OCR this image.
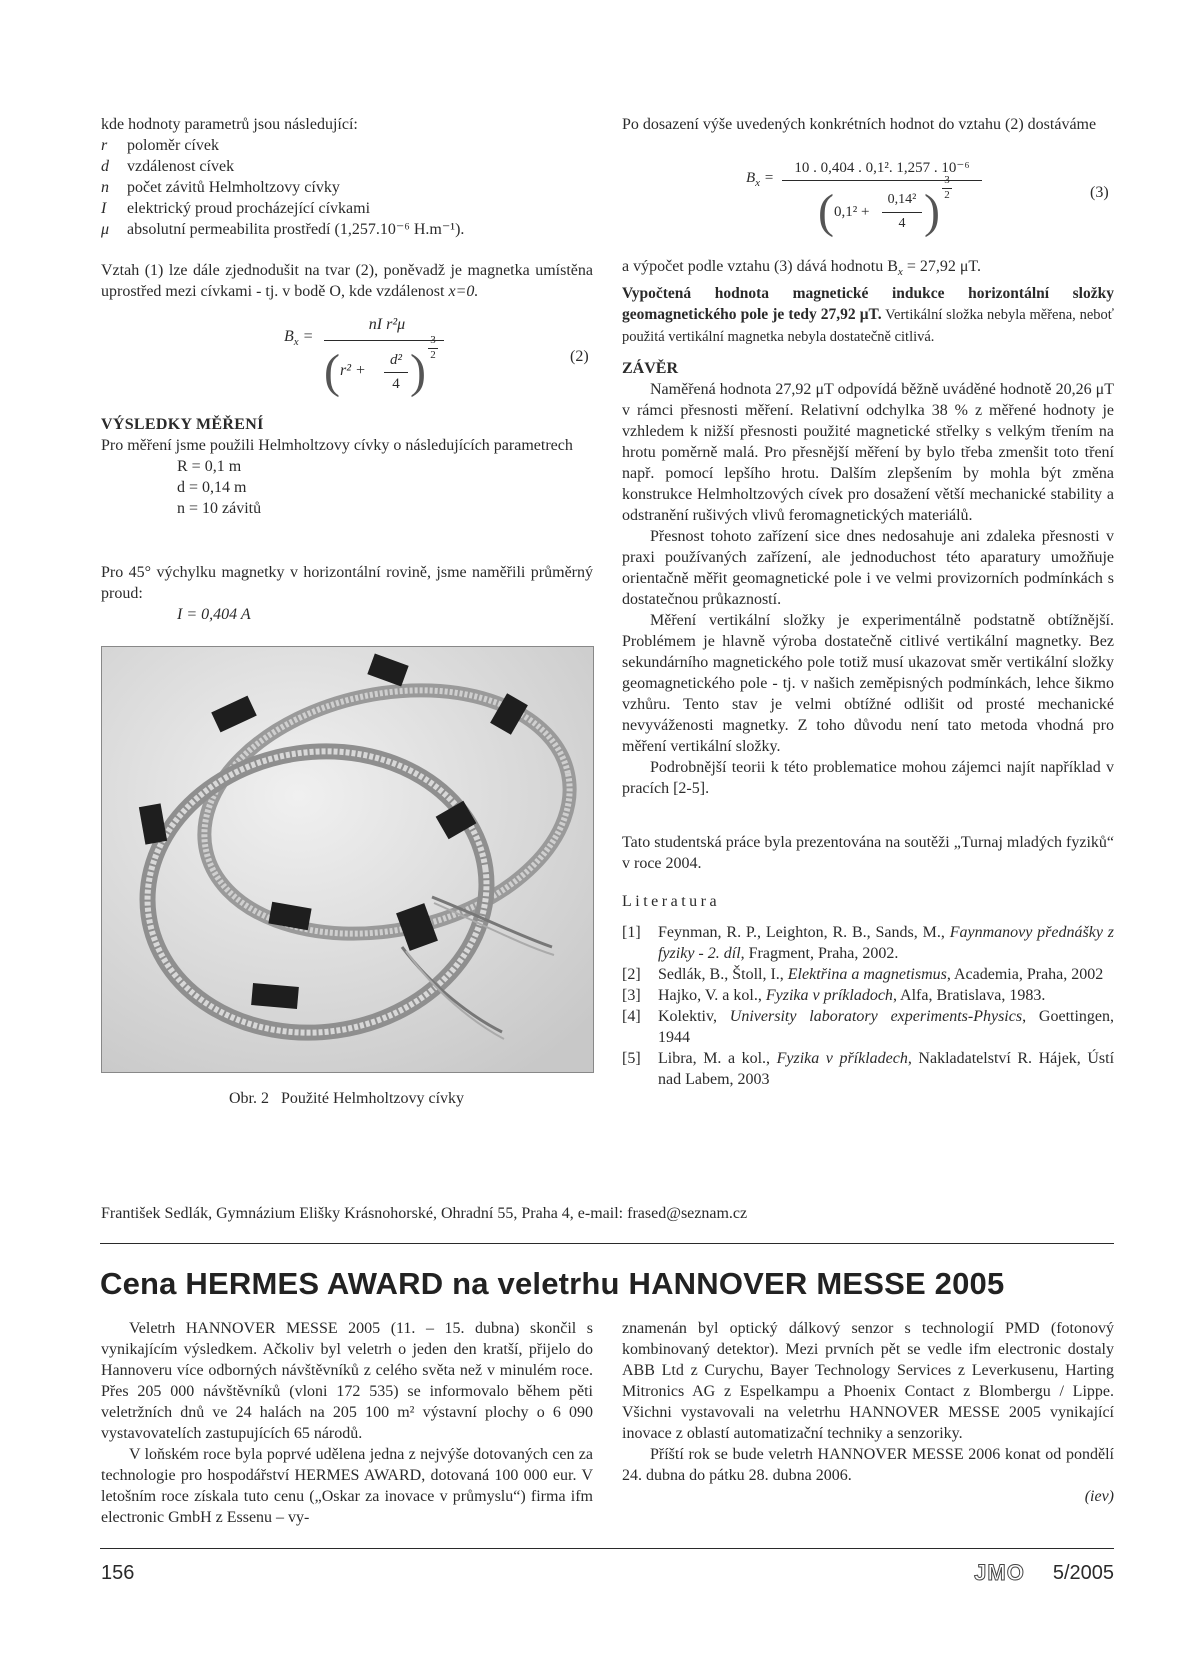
kde hodnoty parametrů jsou následující:

r poloměr cívek
d vzdálenost cívek
n počet závitů Helmholtzovy cívky
I elektrický proud procházející cívkami
μ absolutní permeabilita prostředí (1,257.10⁻⁶ H.m⁻¹).
Vztah (1) lze dále zjednodušit na tvar (2), poněvadž je magnetka umístěna uprostřed mezi cívkami - tj. v bodě O, kde vzdálenost x=0.
$B_x$ =
nI r²μ
( r² +
d²
4 )
3
2	(2)
VÝSLEDKY MĚŘENÍ
Pro měření jsme použili Helmholtzovy cívky o následujících parametrech
R = 0,1 m
d = 0,14 m
n = 10 závitů
Pro 45° výchylku magnetky v horizontální rovině, jsme naměřili průměrný proud:
I = 0,404 A
Obr. 2   Použité Helmholtzovy cívky
Po dosazení výše uvedených konkrétních hodnot do vztahu (2) dostáváme
$B_x$ =
10 . 0,404 . 0,1². 1,257 . 10⁻⁶
( 0,1² +
0,14²
4 )
3
2	(3)
a výpočet podle vztahu (3) dává hodnotu $B_x = 27,92$ μT.
Vypočtená hodnota magnetické indukce horizontální složky geomagnetického pole je tedy 27,92 μT. Vertikální složka nebyla měřena, neboť použitá vertikální magnetka nebyla dostatečně citlivá.
ZÁVĚR

Naměřená hodnota 27,92 μT odpovídá běžně uváděné hodnotě 20,26 μT v rámci přesnosti měření. Relativní odchylka 38 % z měřené hodnoty je vzhledem k nižší přesnosti použité magnetické střelky s velkým třením na hrotu poměrně malá. Pro přesnější měření by bylo třeba zmenšit toto tření např. pomocí lepšího hrotu. Dalším zlepšením by mohla být změna konstrukce Helmholtzových cívek pro dosažení větší mechanické stability a odstranění rušivých vlivů feromagnetických materiálů.

Přesnost tohoto zařízení sice dnes nedosahuje ani zdaleka přesnosti v praxi používaných zařízení, ale jednoduchost této aparatury umožňuje orientačně měřit geomagnetické pole i ve velmi provizorních podmínkách s dostatečnou průkazností.

Měření vertikální složky je experimentálně podstatně obtížnější. Problémem je hlavně výroba dostatečně citlivé vertikální magnetky. Bez sekundárního magnetického pole totiž musí ukazovat směr vertikální složky geomagnetického pole - tj. v našich zeměpisných podmínkách, lehce šikmo vzhůru. Tento stav je velmi obtížné odlišit od prosté mechanické nevyváženosti magnetky. Z toho důvodu není tato metoda vhodná pro měření vertikální složky.

Podrobnější teorii k této problematice mohou zájemci najít například v pracích [2-5].

Tato studentská práce byla prezentována na soutěži „Turnaj mladých fyziků“ v roce 2004.
Literatura
[1]	Feynman, R. P., Leighton, R. B., Sands, M., Faynmanovy přednášky z fyziky - 2. díl, Fragment, Praha, 2002.
[2]	Sedlák, B., Štoll, I., Elektřina a magnetismus, Academia, Praha, 2002
[3]	Hajko, V. a kol., Fyzika v príkladoch, Alfa, Bratislava, 1983.
[4]	Kolektiv, University laboratory experiments-Physics, Goettingen, 1944
[5]	Libra, M. a kol., Fyzika v příkladech, Nakladatelství R. Hájek, Ústí nad Labem, 2003
František Sedlák, Gymnázium Elišky Krásnohorské, Ohradní 55, Praha 4, e-mail: frased@seznam.cz
Cena HERMES AWARD na veletrhu HANNOVER MESSE 2005

Veletrh HANNOVER MESSE 2005 (11. – 15. dubna) skončil s vynikajícím výsledkem. Ačkoliv byl veletrh o jeden den kratší, přijelo do Hannoveru více odborných návštěvníků z celého světa než v minulém roce. Přes 205 000 návštěvníků (vloni 172 535) se informovalo během pěti veletržních dnů ve 24 halách na 205 100 m² výstavní plochy o 6 090 vystavovatelích zastupujících 65 národů.

V loňském roce byla poprvé udělena jedna z nejvýše dotovaných cen za technologie pro hospodářství HERMES AWARD, dotovaná 100 000 eur. V letošním roce získala tuto cenu („Oskar za inovace v průmyslu“) firma ifm electronic GmbH z Essenu – vy-

znamenán byl optický dálkový senzor s technologií PMD (fotonový kombinovaný detektor). Mezi prvních pět se vedle ifm electronic dostaly ABB Ltd z Curychu, Bayer Technology Services z Leverkusenu, Harting Mitronics AG z Espelkampu a Phoenix Contact z Blombergu / Lippe. Všichni vystavovali na veletrhu HANNOVER MESSE 2005 vynikající inovace z oblastí automatizační techniky a senzoriky.

Příští rok se bude veletrh HANNOVER MESSE 2006 konat od pondělí 24. dubna do pátku 28. dubna 2006.

(iev)
156	JMO 5/2005
